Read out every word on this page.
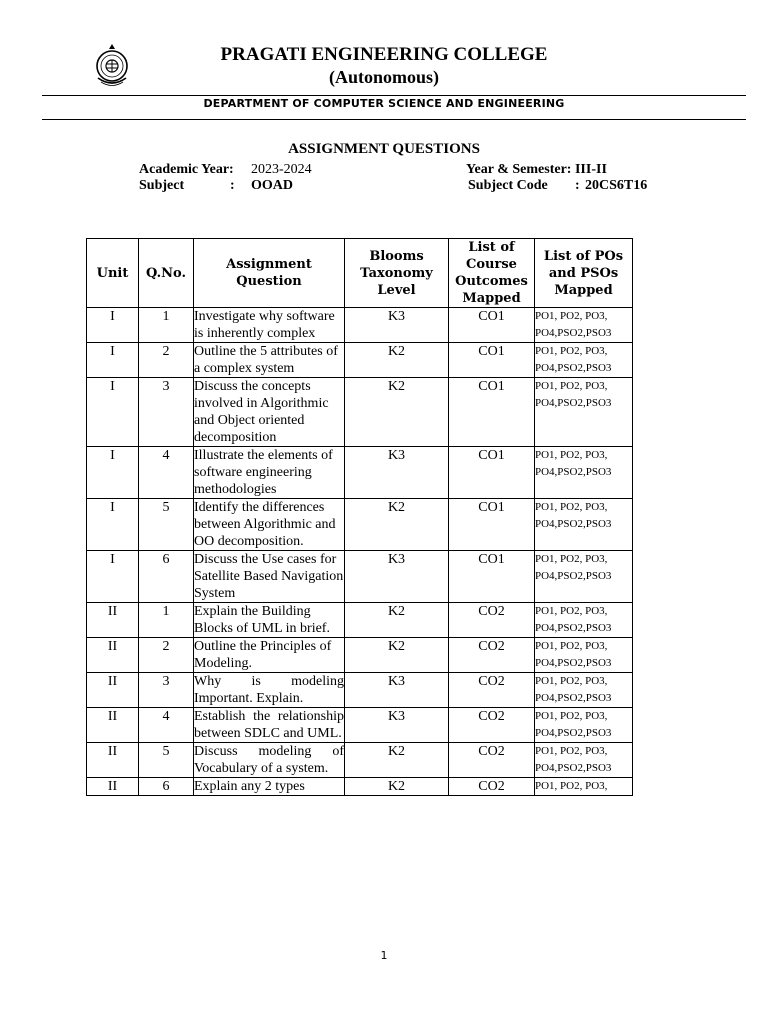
PRAGATI ENGINEERING COLLEGE
(Autonomous)
DEPARTMENT OF COMPUTER SCIENCE AND ENGINEERING
ASSIGNMENT QUESTIONS
Academic Year: 2023-2024
Subject	: OOAD
Year & Semester: III-II
Subject Code : 20CS6T16
Unit	Q.No.	Assignment Question	Blooms Taxonomy Level	List of Course Outcomes Mapped	List of POs and PSOs Mapped
I	1	Investigate why software is inherently complex	K3	CO1	PO1, PO2, PO3, PO4,PSO2,PSO3
I	2	Outline the 5 attributes of a complex system	K2	CO1	PO1, PO2, PO3, PO4,PSO2,PSO3
I	3	Discuss the concepts involved in Algorithmic and Object oriented decomposition	K2	CO1	PO1, PO2, PO3, PO4,PSO2,PSO3
I	4	Illustrate the elements of software engineering methodologies	K3	CO1	PO1, PO2, PO3, PO4,PSO2,PSO3
I	5	Identify the differences between Algorithmic and OO decomposition.	K2	CO1	PO1, PO2, PO3, PO4,PSO2,PSO3
I	6	Discuss the Use cases for Satellite Based Navigation System	K3	CO1	PO1, PO2, PO3, PO4,PSO2,PSO3
II	1	Explain the Building Blocks of UML in brief.	K2	CO2	PO1, PO2, PO3, PO4,PSO2,PSO3
II	2	Outline the Principles of Modeling.	K2	CO2	PO1, PO2, PO3, PO4,PSO2,PSO3
II	3	Why is modeling Important. Explain.	K3	CO2	PO1, PO2, PO3, PO4,PSO2,PSO3
II	4	Establish the relationship between SDLC and UML.	K3	CO2	PO1, PO2, PO3, PO4,PSO2,PSO3
II	5	Discuss modeling of Vocabulary of a system.	K2	CO2	PO1, PO2, PO3, PO4,PSO2,PSO3
II	6	Explain any 2 types	K2	CO2	PO1, PO2, PO3,
1
